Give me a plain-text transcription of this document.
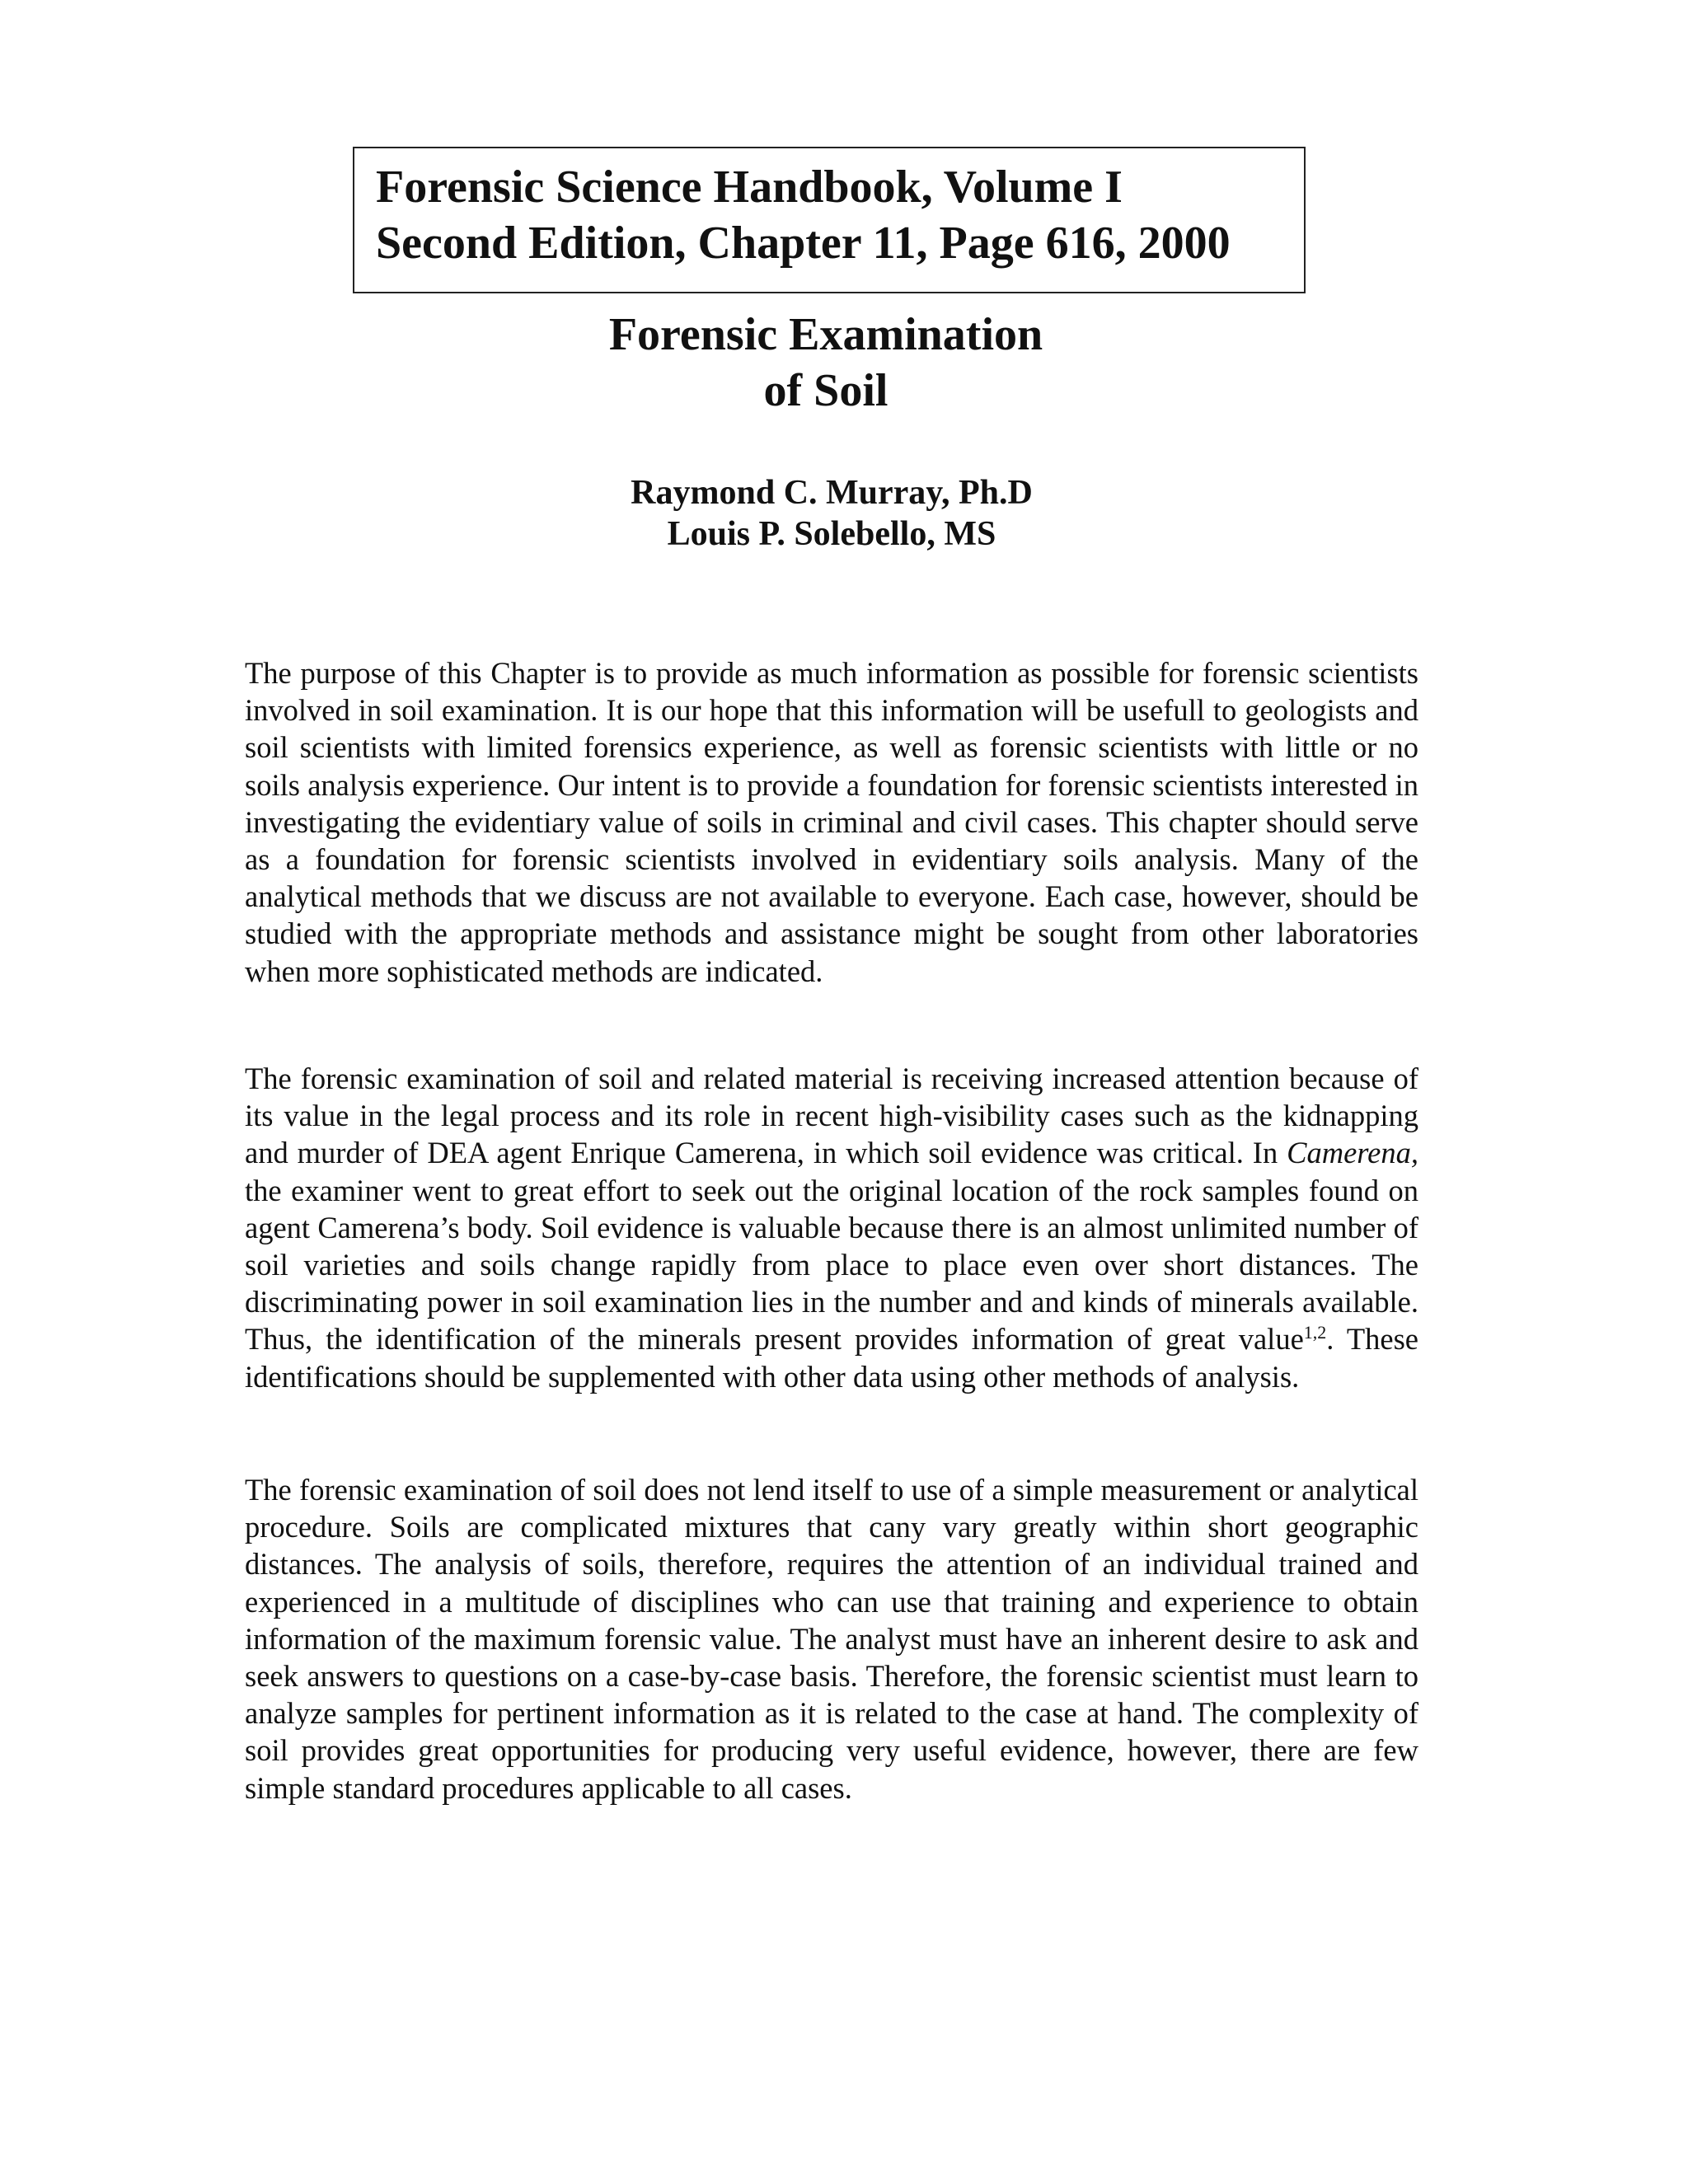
Forensic Science Handbook, Volume I
Second Edition, Chapter 11, Page 616, 2000
Forensic Examination
of Soil
Raymond C. Murray, Ph.D
Louis P. Solebello, MS

The purpose of this Chapter is to provide as much information as possible for forensic scientists involved in soil examination. It is our hope that this information will be usefull to geologists and soil scientists with limited forensics experience, as well as forensic scientists with little or no soils analysis experience. Our intent is to provide a foundation for forensic scientists interested in investigating the evidentiary value of soils in criminal and civil cases. This chapter should serve as a foundation for forensic scientists involved in evidentiary soils analysis. Many of the analytical methods that we discuss are not available to everyone. Each case, however, should be studied with the appropriate methods and assistance might be sought from other laboratories when more sophisticated methods are indicated.

The forensic examination of soil and related material is receiving increased attention because of its value in the legal process and its role in recent high-visibility cases such as the kidnapping and murder of DEA agent Enrique Camerena, in which soil evidence was critical. In Camerena, the examiner went to great effort to seek out the original location of the rock samples found on agent Camerena’s body. Soil evidence is valuable because there is an almost unlimited number of soil varieties and soils change rapidly from place to place even over short distances. The discriminating power in soil examination lies in the number and and kinds of minerals available. Thus, the identification of the minerals present provides information of great value$^{1,2}$. These identifications should be supplemented with other data using other methods of analysis.

The forensic examination of soil does not lend itself to use of a simple measurement or analytical procedure. Soils are complicated mixtures that cany vary greatly within short geographic distances. The analysis of soils, therefore, requires the attention of an individual trained and experienced in a multitude of disciplines who can use that training and experience to obtain information of the maximum forensic value. The analyst must have an inherent desire to ask and seek answers to questions on a case-by-case basis. Therefore, the forensic scientist must learn to analyze samples for pertinent information as it is related to the case at hand. The complexity of soil provides great opportunities for producing very useful evidence, however, there are few simple standard procedures applicable to all cases.
